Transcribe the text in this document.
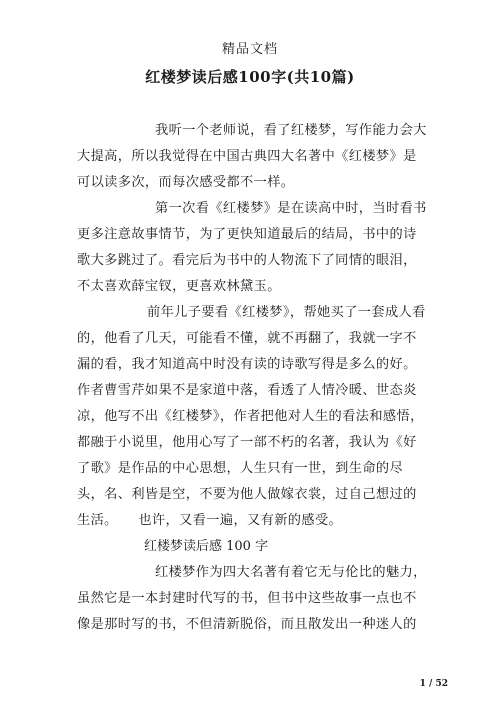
精品文档
红楼梦读后感100字(共10篇)
我听一个老师说，看了红楼梦，写作能力会大
大提高，所以我觉得在中国古典四大名著中《红楼梦》是
可以读多次，而每次感受都不一样。
第一次看《红楼梦》是在读高中时，当时看书
更多注意故事情节，为了更快知道最后的结局，书中的诗
歌大多跳过了。看完后为书中的人物流下了同情的眼泪，
不太喜欢薛宝钗，更喜欢林黛玉。
前年儿子要看《红楼梦》，帮她买了一套成人看
的，他看了几天，可能看不懂，就不再翻了，我就一字不
漏的看，我才知道高中时没有读的诗歌写得是多么的好。
作者曹雪芹如果不是家道中落，看透了人情冷暖、世态炎
凉，他写不出《红楼梦》，作者把他对人生的看法和感悟，
都融于小说里，他用心写了一部不朽的名著，我认为《好
了歌》是作品的中心思想，人生只有一世，到生命的尽
头，名、利皆是空，不要为他人做嫁衣裳，过自己想过的
生活。　　也许，又看一遍，又有新的感受。
红楼梦读后感 100 字
红楼梦作为四大名著有着它无与伦比的魅力，
虽然它是一本封建时代写的书，但书中这些故事一点也不
像是那时写的书，不但清新脱俗，而且散发出一种迷人的
1 / 52
